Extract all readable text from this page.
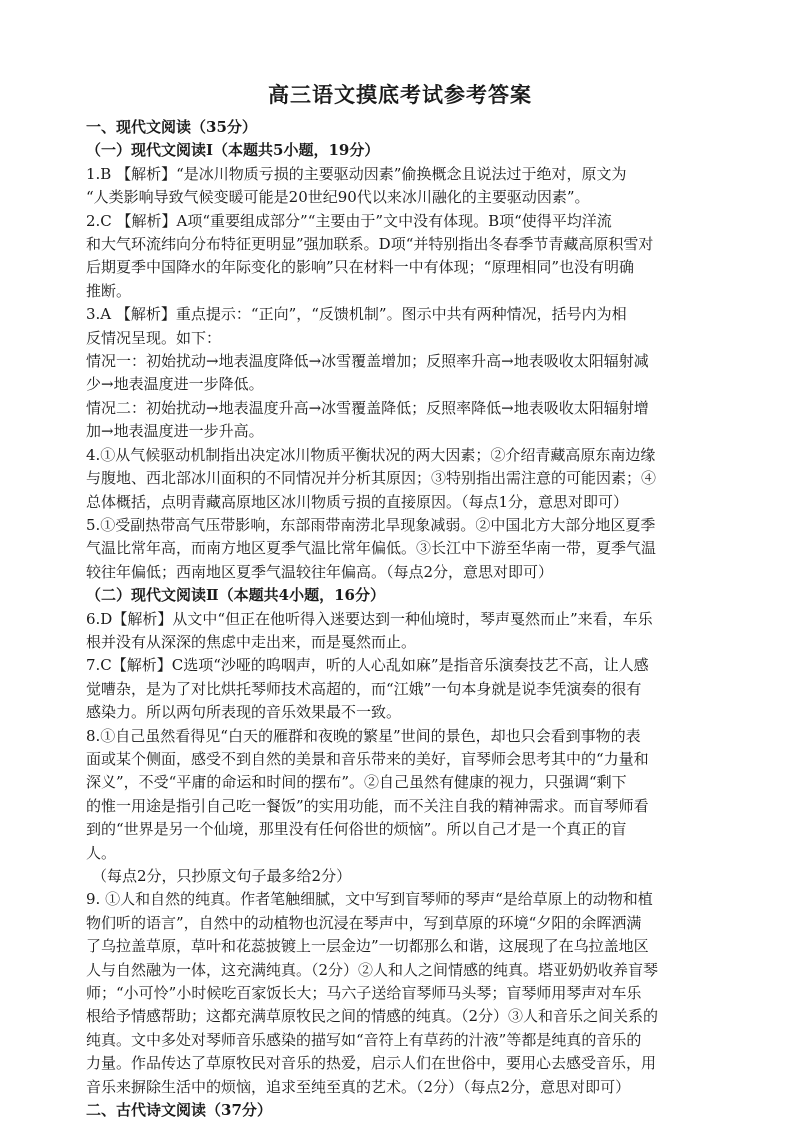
高三语文摸底考试参考答案
一、现代文阅读（35分）
（一）现代文阅读Ⅰ（本题共5小题，19分）
1.B 【解析】“是冰川物质亏损的主要驱动因素”偷换概念且说法过于绝对，原文为
“人类影响导致气候变暖可能是20世纪90代以来冰川融化的主要驱动因素”。
2.C 【解析】A项“重要组成部分”“主要由于”文中没有体现。B项“使得平均洋流
和大气环流纬向分布特征更明显”强加联系。D项“并特别指出冬春季节青藏高原积雪对
后期夏季中国降水的年际变化的影响”只在材料一中有体现；“原理相同”也没有明确
推断。
3.A 【解析】重点提示：“正向”，“反馈机制”。图示中共有两种情况，括号内为相
反情况呈现。如下：
情况一：初始扰动→地表温度降低→冰雪覆盖增加；反照率升高→地表吸收太阳辐射减
少→地表温度进一步降低。
情况二：初始扰动→地表温度升高→冰雪覆盖降低；反照率降低→地表吸收太阳辐射增
加→地表温度进一步升高。
4.①从气候驱动机制指出决定冰川物质平衡状况的两大因素；②介绍青藏高原东南边缘
与腹地、西北部冰川面积的不同情况并分析其原因；③特别指出需注意的可能因素；④
总体概括，点明青藏高原地区冰川物质亏损的直接原因。（每点1分，意思对即可）
5.①受副热带高气压带影响，东部雨带南涝北旱现象减弱。②中国北方大部分地区夏季
气温比常年高，而南方地区夏季气温比常年偏低。③长江中下游至华南一带，夏季气温
较往年偏低；西南地区夏季气温较往年偏高。（每点2分，意思对即可）
（二）现代文阅读Ⅱ（本题共4小题，16分）
6.D【解析】从文中“但正在他听得入迷要达到一种仙境时，琴声戛然而止”来看，车乐
根并没有从深深的焦虑中走出来，而是戛然而止。
7.C【解析】C选项“沙哑的呜咽声，听的人心乱如麻”是指音乐演奏技艺不高，让人感
觉嘈杂，是为了对比烘托琴师技术高超的，而“江娥”一句本身就是说李凭演奏的很有
感染力。所以两句所表现的音乐效果最不一致。
8.①自己虽然看得见“白天的雁群和夜晚的繁星”世间的景色，却也只会看到事物的表
面或某个侧面，感受不到自然的美景和音乐带来的美好，盲琴师会思考其中的“力量和
深义”，不受“平庸的命运和时间的摆布”。②自己虽然有健康的视力，只强调“剩下
的惟一用途是指引自己吃一餐饭”的实用功能，而不关注自我的精神需求。而盲琴师看
到的“世界是另一个仙境，那里没有任何俗世的烦恼”。所以自己才是一个真正的盲
人。
（每点2分，只抄原文句子最多给2分）
9. ①人和自然的纯真。作者笔触细腻，文中写到盲琴师的琴声“是给草原上的动物和植
物们听的语言”，自然中的动植物也沉浸在琴声中，写到草原的环境“夕阳的余晖洒满
了乌拉盖草原，草叶和花蕊披镀上一层金边”一切都那么和谐，这展现了在乌拉盖地区
人与自然融为一体，这充满纯真。（2分）②人和人之间情感的纯真。塔亚奶奶收养盲琴
师；“小可怜”小时候吃百家饭长大；马六子送给盲琴师马头琴；盲琴师用琴声对车乐
根给予情感帮助；这都充满草原牧民之间的情感的纯真。（2分）③人和音乐之间关系的
纯真。文中多处对琴师音乐感染的描写如“音符上有草药的汁液”等都是纯真的音乐的
力量。作品传达了草原牧民对音乐的热爱，启示人们在世俗中，要用心去感受音乐，用
音乐来摒除生活中的烦恼，追求至纯至真的艺术。（2分）（每点2分，意思对即可）
二、古代诗文阅读（37分）
